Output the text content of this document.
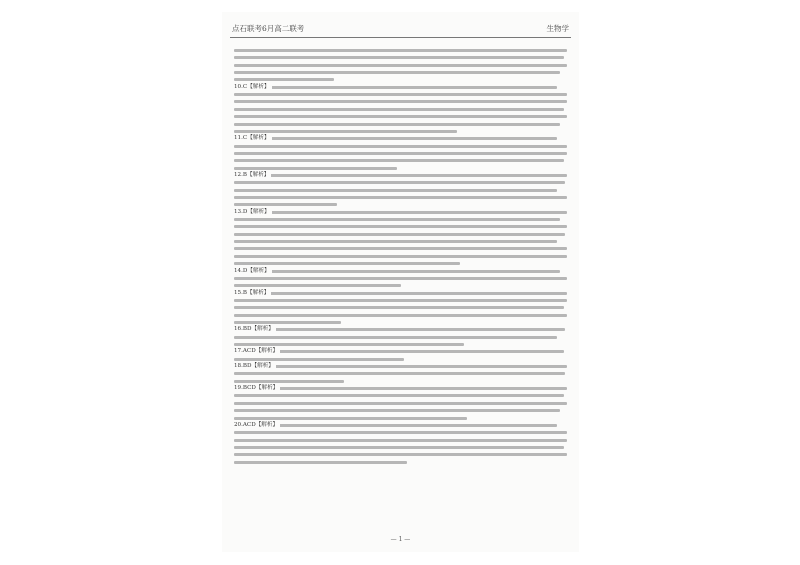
点石联考6月高二联考	生物学
10.C【解析】
11.C【解析】
12.B【解析】
13.D【解析】
14.D【解析】
15.B【解析】
16.BD【解析】
17.ACD【解析】
18.BD【解析】
19.BCD【解析】
20.ACD【解析】
— 1 —
